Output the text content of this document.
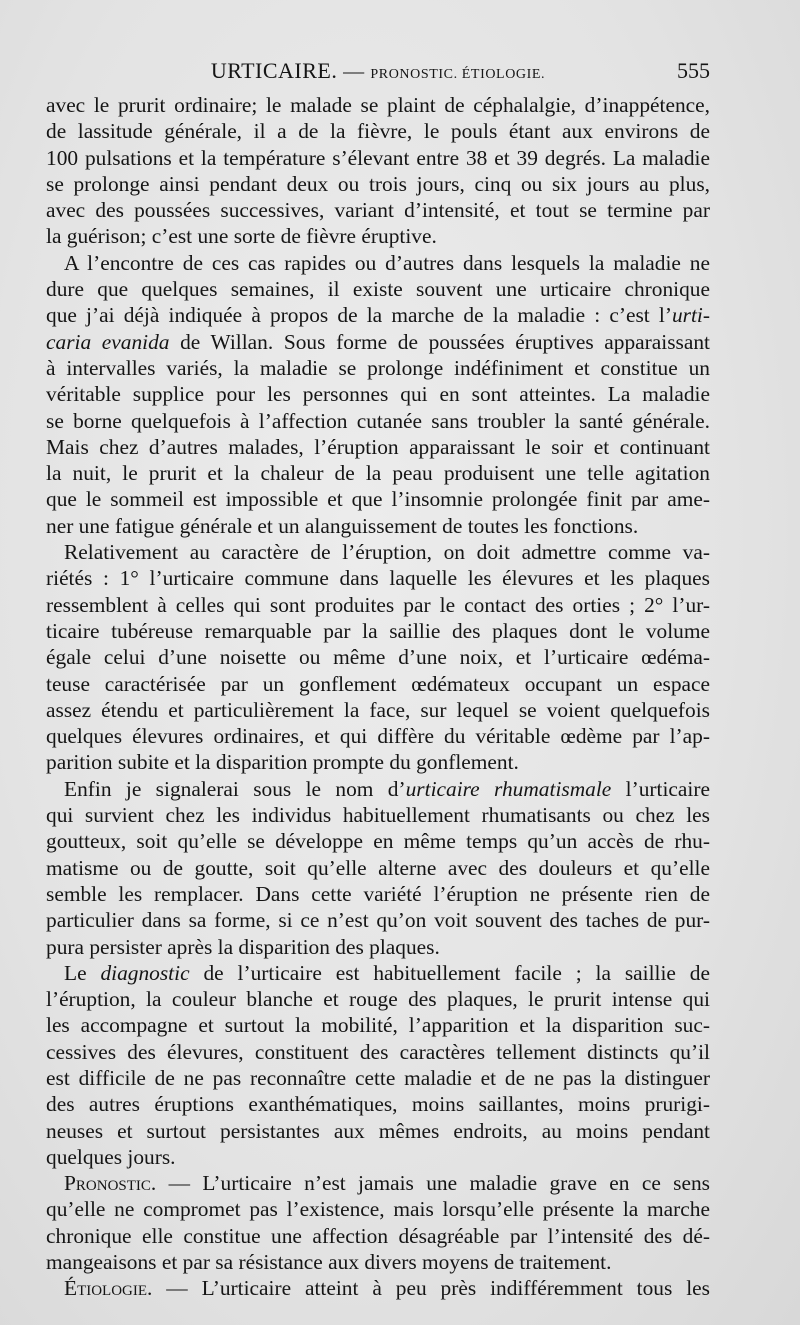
URTICAIRE. — PRONOSTIC. ÉTIOLOGIE.	555
avec le prurit ordinaire; le malade se plaint de céphalalgie, d’inappétence,
de lassitude générale, il a de la fièvre, le pouls étant aux environs de
100 pulsations et la température s’élevant entre 38 et 39 degrés. La maladie
se prolonge ainsi pendant deux ou trois jours, cinq ou six jours au plus,
avec des poussées successives, variant d’intensité, et tout se termine par
la guérison; c’est une sorte de fièvre éruptive.
A l’encontre de ces cas rapides ou d’autres dans lesquels la maladie ne
dure que quelques semaines, il existe souvent une urticaire chronique
que j’ai déjà indiquée à propos de la marche de la maladie : c’est l’urti-
caria evanida de Willan. Sous forme de poussées éruptives apparaissant
à intervalles variés, la maladie se prolonge indéfiniment et constitue un
véritable supplice pour les personnes qui en sont atteintes. La maladie
se borne quelquefois à l’affection cutanée sans troubler la santé générale.
Mais chez d’autres malades, l’éruption apparaissant le soir et continuant
la nuit, le prurit et la chaleur de la peau produisent une telle agitation
que le sommeil est impossible et que l’insomnie prolongée finit par ame-
ner une fatigue générale et un alanguissement de toutes les fonctions.
Relativement au caractère de l’éruption, on doit admettre comme va-
riétés : 1° l’urticaire commune dans laquelle les élevures et les plaques
ressemblent à celles qui sont produites par le contact des orties ; 2° l’ur-
ticaire tubéreuse remarquable par la saillie des plaques dont le volume
égale celui d’une noisette ou même d’une noix, et l’urticaire œdéma-
teuse caractérisée par un gonflement œdémateux occupant un espace
assez étendu et particulièrement la face, sur lequel se voient quelquefois
quelques élevures ordinaires, et qui diffère du véritable œdème par l’ap-
parition subite et la disparition prompte du gonflement.
Enfin je signalerai sous le nom d’urticaire rhumatismale l’urticaire
qui survient chez les individus habituellement rhumatisants ou chez les
goutteux, soit qu’elle se développe en même temps qu’un accès de rhu-
matisme ou de goutte, soit qu’elle alterne avec des douleurs et qu’elle
semble les remplacer. Dans cette variété l’éruption ne présente rien de
particulier dans sa forme, si ce n’est qu’on voit souvent des taches de pur-
pura persister après la disparition des plaques.
Le diagnostic de l’urticaire est habituellement facile ; la saillie de
l’éruption, la couleur blanche et rouge des plaques, le prurit intense qui
les accompagne et surtout la mobilité, l’apparition et la disparition suc-
cessives des élevures, constituent des caractères tellement distincts qu’il
est difficile de ne pas reconnaître cette maladie et de ne pas la distinguer
des autres éruptions exanthématiques, moins saillantes, moins prurigi-
neuses et surtout persistantes aux mêmes endroits, au moins pendant
quelques jours.
Pronostic. — L’urticaire n’est jamais une maladie grave en ce sens
qu’elle ne compromet pas l’existence, mais lorsqu’elle présente la marche
chronique elle constitue une affection désagréable par l’intensité des dé-
mangeaisons et par sa résistance aux divers moyens de traitement.
Étiologie. — L’urticaire atteint à peu près indifféremment tous les
